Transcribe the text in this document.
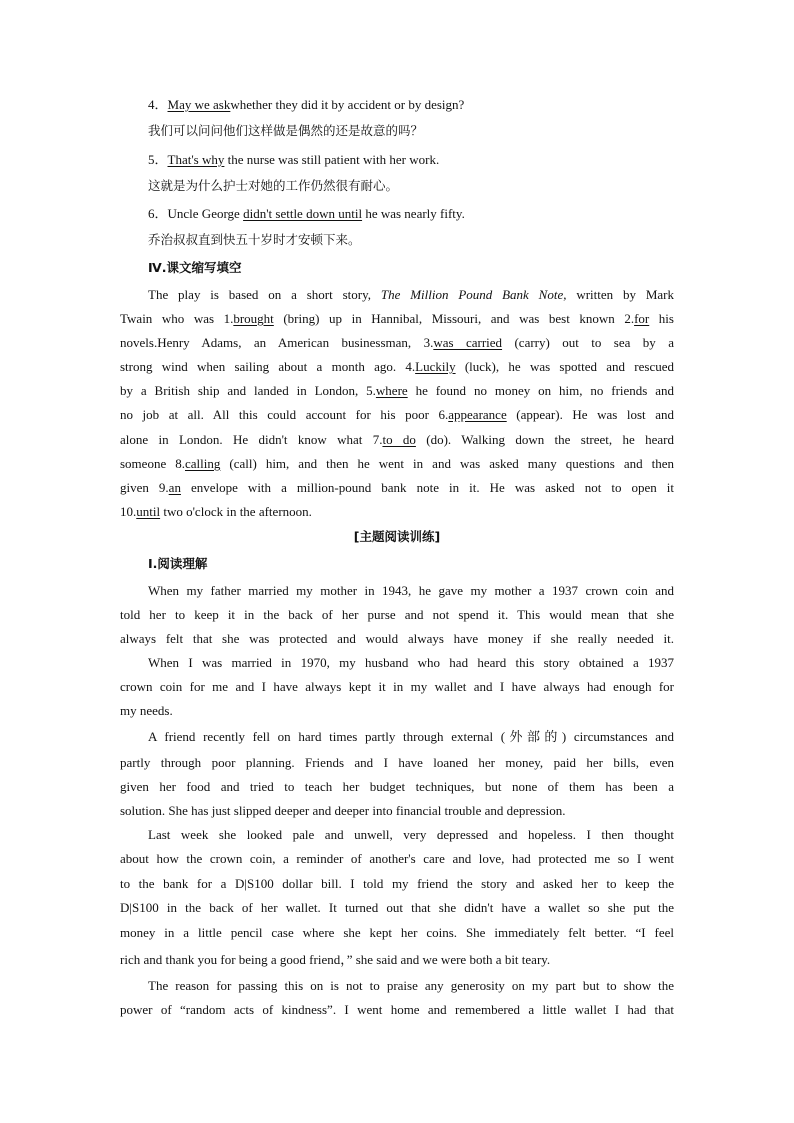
4．May we askwhether they did it by accident or by design?
我们可以问问他们这样做是偶然的还是故意的吗？
5．That's why the nurse was still patient with her work.
这就是为什么护士对她的工作仍然很有耐心。
6．Uncle George didn't settle down until he was nearly fifty.
乔治叔叔直到快五十岁时才安顿下来。
Ⅳ.课文缩写填空
The play is based on a short story, The Million Pound Bank Note, written by Mark
Twain who was 1.brought (bring) up in Hannibal, Missouri, and was best known 2.for his
novels.Henry Adams, an American businessman, 3.was carried (carry) out to sea by a
strong wind when sailing about a month ago. 4.Luckily (luck), he was spotted and rescued
by a British ship and landed in London, 5.where he found no money on him, no friends and
no job at all. All this could account for his poor 6.appearance (appear). He was lost and
alone in London. He didn't know what 7.to do (do). Walking down the street, he heard
someone 8.calling (call) him, and then he went in and was asked many questions and then
given 9.an envelope with a million-pound bank note in it. He was asked not to open it
10.until two o'clock in the afternoon.
[主题阅读训练]
Ⅰ.阅读理解
When my father married my mother in 1943, he gave my mother a 1937 crown coin and
told her to keep it in the back of her purse and not spend it. This would mean that she
always felt that she was protected and would always have money if she really needed it.
When I was married in 1970, my husband who had heard this story obtained a 1937
crown coin for me and I have always kept it in my wallet and I have always had enough for
my needs.
A friend recently fell on hard times partly through external (外部的) circumstances and
partly through poor planning. Friends and I have loaned her money, paid her bills, even
given her food and tried to teach her budget techniques, but none of them has been a
solution. She has just slipped deeper and deeper into financial trouble and depression.
Last week she looked pale and unwell, very depressed and hopeless. I then thought
about how the crown coin, a reminder of another's care and love, had protected me so I went
to the bank for a D|S100 dollar bill. I told my friend the story and asked her to keep the
D|S100 in the back of her wallet. It turned out that she didn't have a wallet so she put the
money in a little pencil case where she kept her coins. She immediately felt better. “I feel
rich and thank you for being a good friend，” she said and we were both a bit teary.
The reason for passing this on is not to praise any generosity on my part but to show the
power of “random acts of kindness”. I went home and remembered a little wallet I had that
